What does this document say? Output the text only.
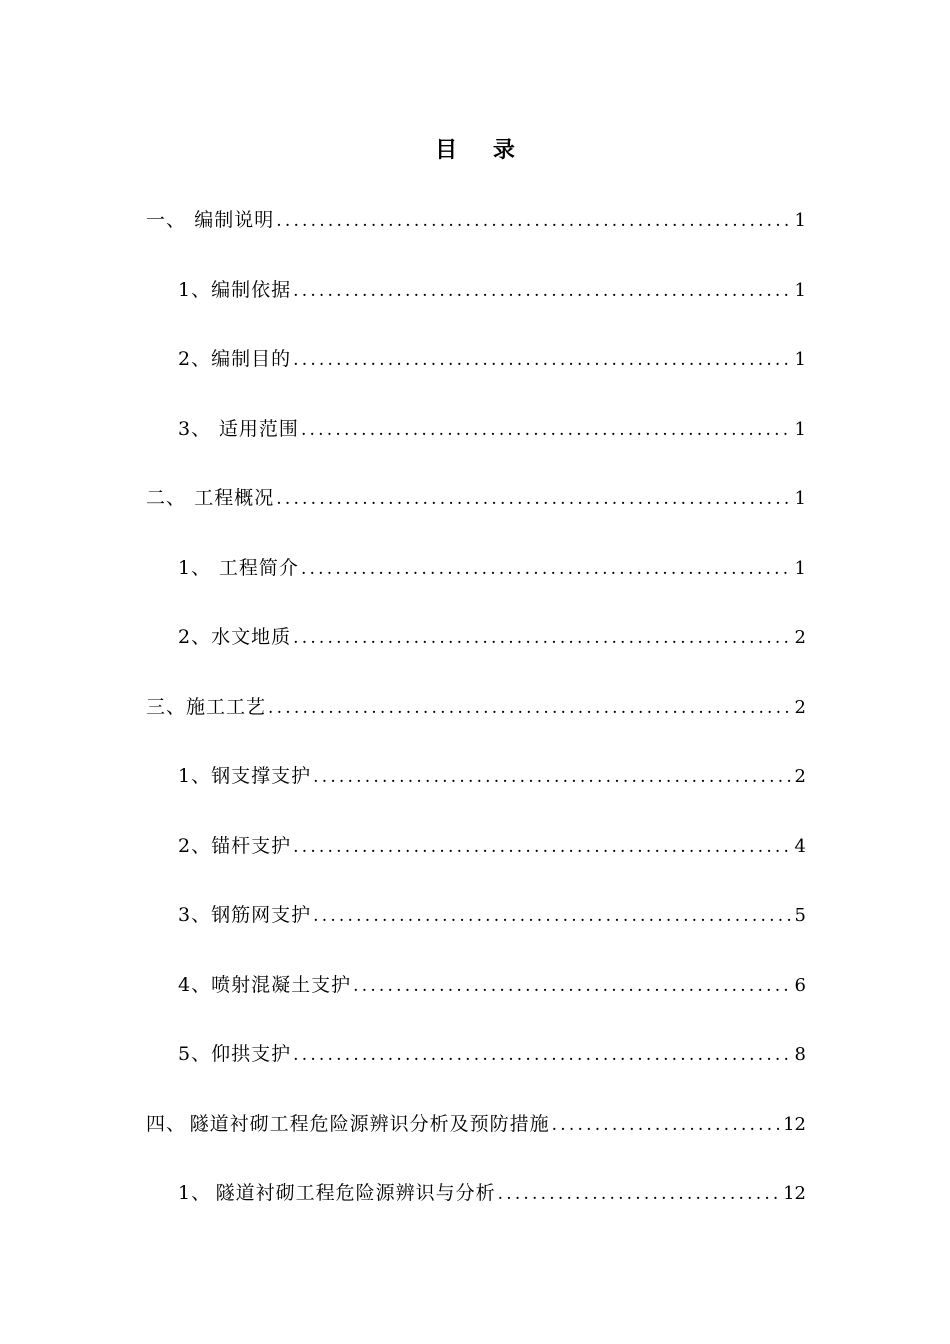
目 录
一、 编制说明 .....	1
1、 编制依据 .....	1
2、 编制目的 .....	1
3、 适用范围 .....	1
二、 工程概况 .....	1
1、 工程简介 .....	1
2、 水文地质 .....	2
三、 施工工艺 .....	2
1、 钢支撑支护 .....	2
2、 锚杆支护 .....	4
3、 钢筋网支护 .....	5
4、 喷射混凝土支护 .....	6
5、 仰拱支护 .....	8
四、 隧道衬砌工程危险源辨识分析及预防措施 .....	12
1、 隧道衬砌工程危险源辨识与分析 .....	12
